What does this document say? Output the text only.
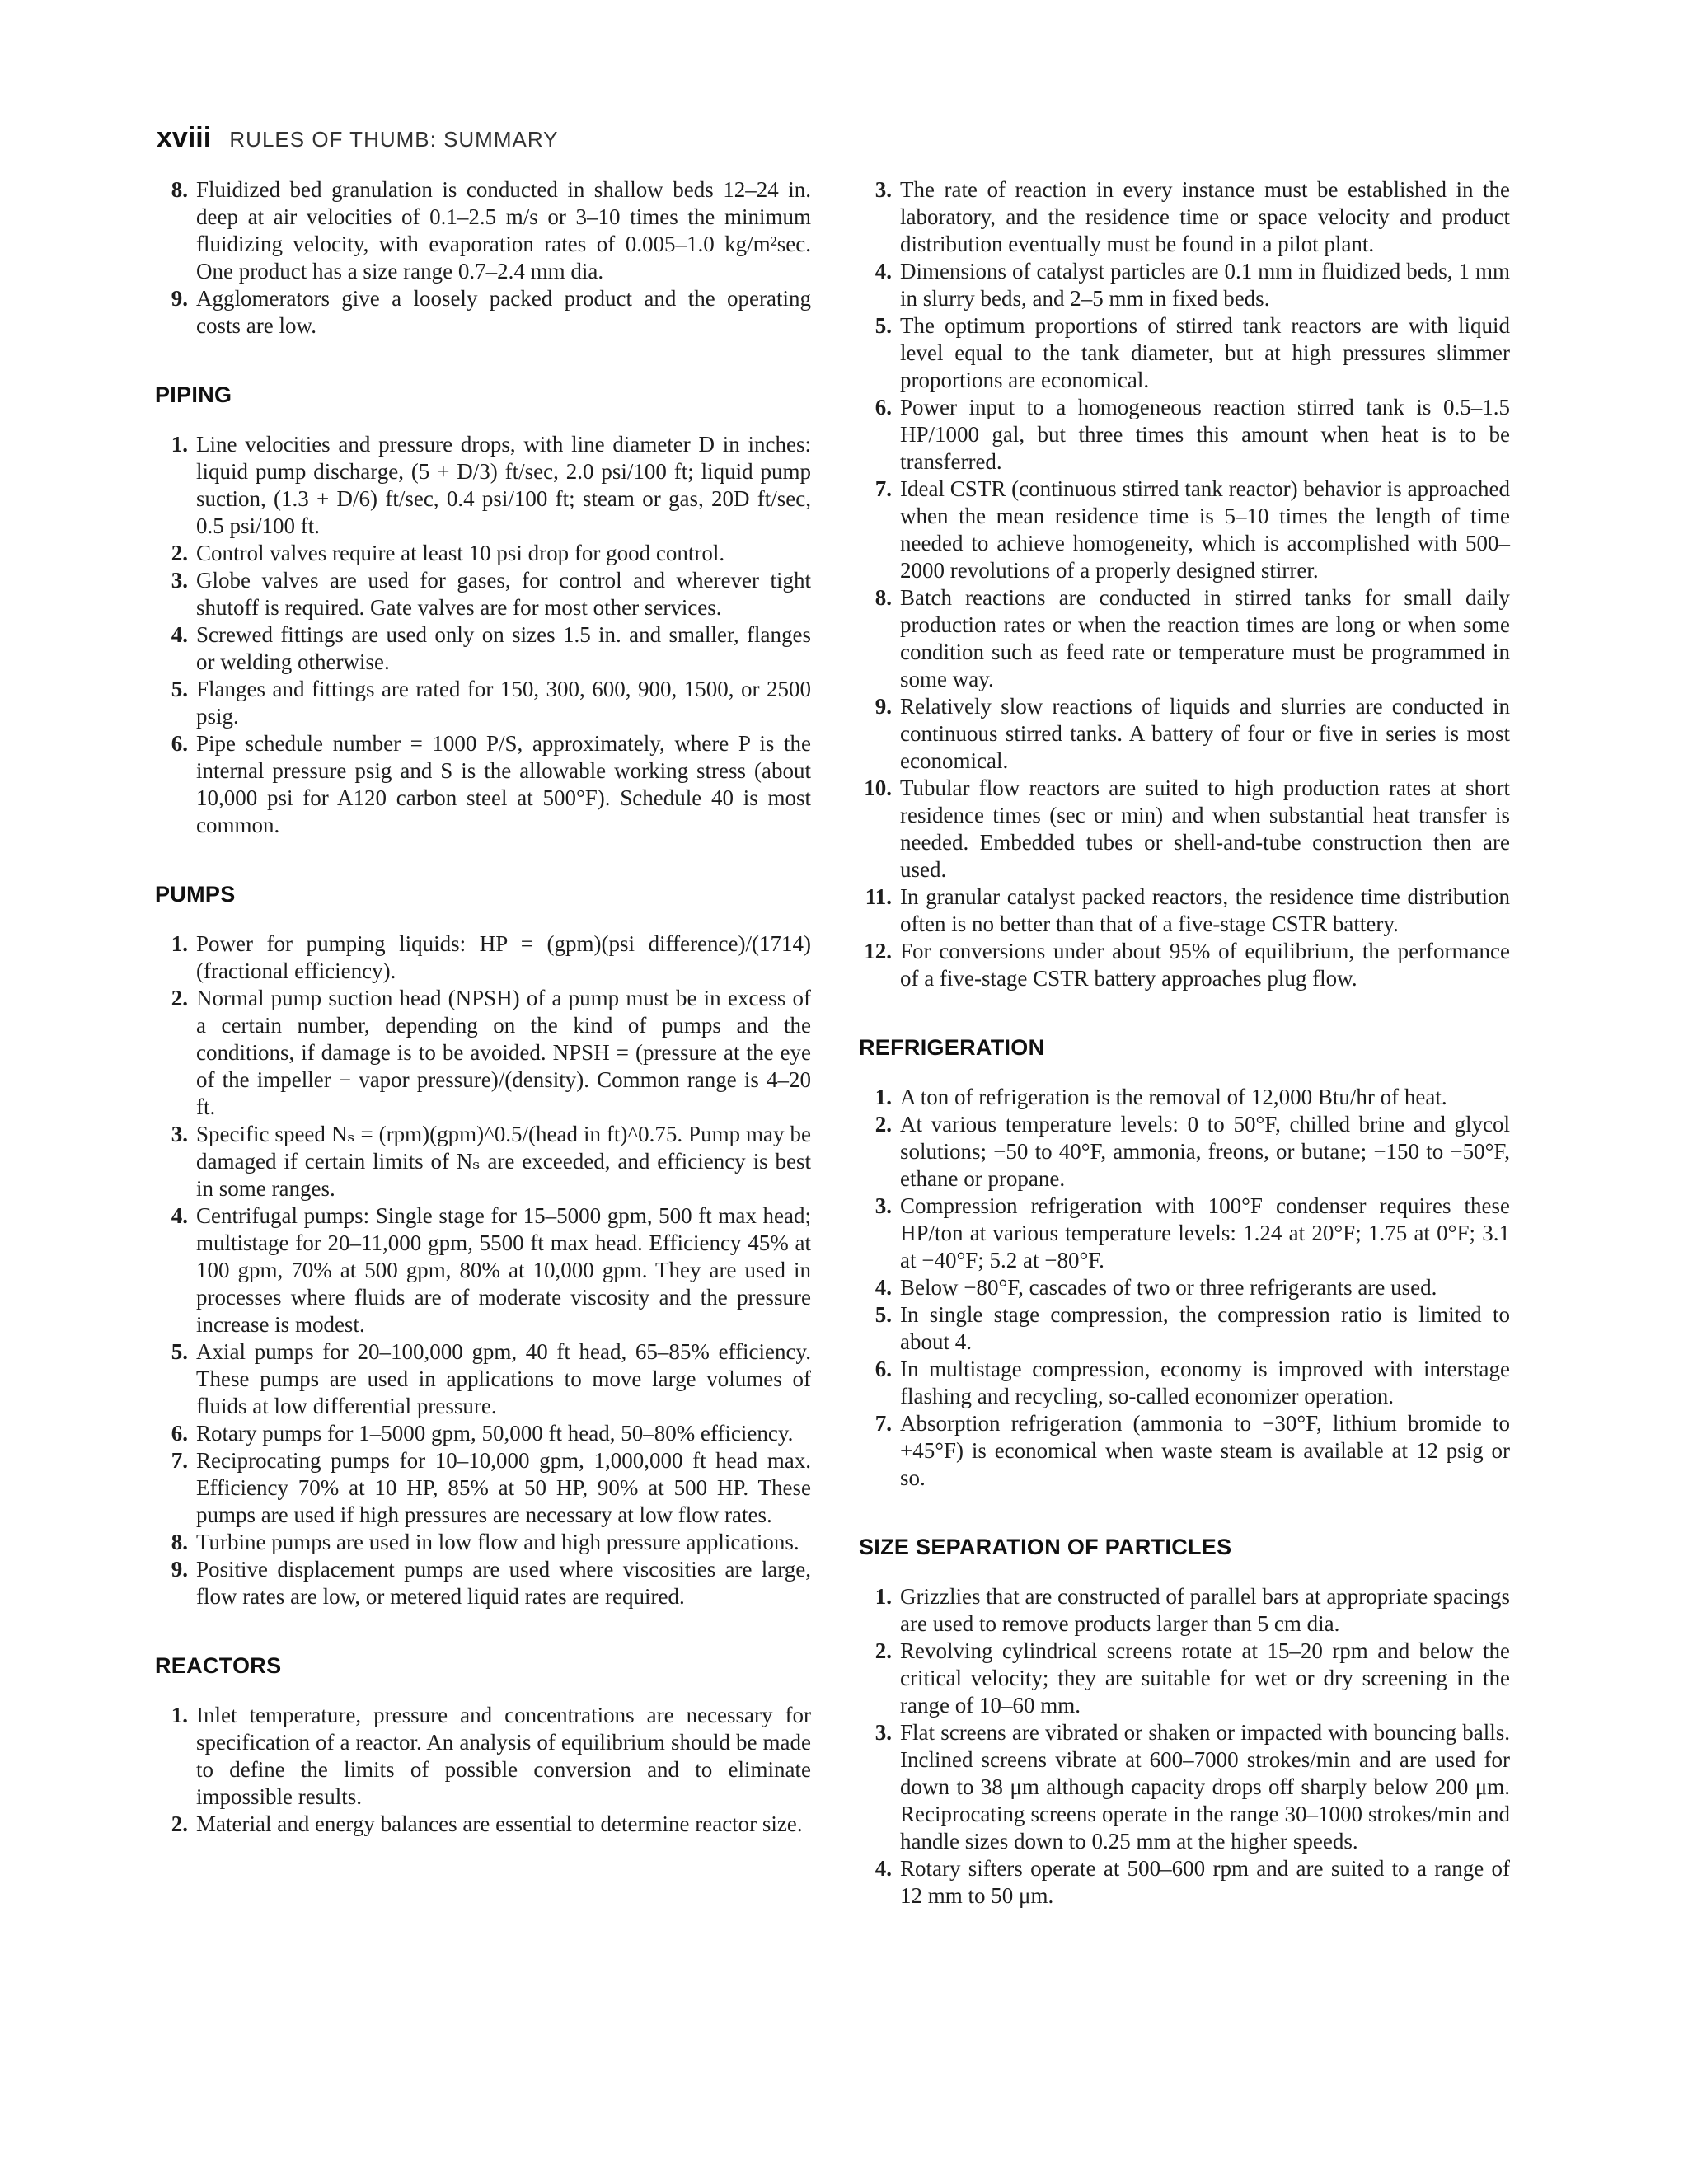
xviii RULES OF THUMB: SUMMARY
8. Fluidized bed granulation is conducted in shallow beds 12–24 in. deep at air velocities of 0.1–2.5 m/s or 3–10 times the minimum fluidizing velocity, with evaporation rates of 0.005–1.0 kg/m²sec. One product has a size range 0.7–2.4 mm dia.
9. Agglomerators give a loosely packed product and the operating costs are low.
PIPING
1. Line velocities and pressure drops, with line diameter D in inches: liquid pump discharge, (5 + D/3) ft/sec, 2.0 psi/100 ft; liquid pump suction, (1.3 + D/6) ft/sec, 0.4 psi/100 ft; steam or gas, 20D ft/sec, 0.5 psi/100 ft.
2. Control valves require at least 10 psi drop for good control.
3. Globe valves are used for gases, for control and wherever tight shutoff is required. Gate valves are for most other services.
4. Screwed fittings are used only on sizes 1.5 in. and smaller, flanges or welding otherwise.
5. Flanges and fittings are rated for 150, 300, 600, 900, 1500, or 2500 psig.
6. Pipe schedule number = 1000 P/S, approximately, where P is the internal pressure psig and S is the allowable working stress (about 10,000 psi for A120 carbon steel at 500°F). Schedule 40 is most common.
PUMPS
1. Power for pumping liquids: HP = (gpm)(psi difference)/(1714)(fractional efficiency).
2. Normal pump suction head (NPSH) of a pump must be in excess of a certain number, depending on the kind of pumps and the conditions, if damage is to be avoided. NPSH = (pressure at the eye of the impeller − vapor pressure)/(density). Common range is 4–20 ft.
3. Specific speed Nₛ = (rpm)(gpm)^0.5/(head in ft)^0.75. Pump may be damaged if certain limits of Nₛ are exceeded, and efficiency is best in some ranges.
4. Centrifugal pumps: Single stage for 15–5000 gpm, 500 ft max head; multistage for 20–11,000 gpm, 5500 ft max head. Efficiency 45% at 100 gpm, 70% at 500 gpm, 80% at 10,000 gpm. They are used in processes where fluids are of moderate viscosity and the pressure increase is modest.
5. Axial pumps for 20–100,000 gpm, 40 ft head, 65–85% efficiency. These pumps are used in applications to move large volumes of fluids at low differential pressure.
6. Rotary pumps for 1–5000 gpm, 50,000 ft head, 50–80% efficiency.
7. Reciprocating pumps for 10–10,000 gpm, 1,000,000 ft head max. Efficiency 70% at 10 HP, 85% at 50 HP, 90% at 500 HP. These pumps are used if high pressures are necessary at low flow rates.
8. Turbine pumps are used in low flow and high pressure applications.
9. Positive displacement pumps are used where viscosities are large, flow rates are low, or metered liquid rates are required.
REACTORS
1. Inlet temperature, pressure and concentrations are necessary for specification of a reactor. An analysis of equilibrium should be made to define the limits of possible conversion and to eliminate impossible results.
2. Material and energy balances are essential to determine reactor size.
3. The rate of reaction in every instance must be established in the laboratory, and the residence time or space velocity and product distribution eventually must be found in a pilot plant.
4. Dimensions of catalyst particles are 0.1 mm in fluidized beds, 1 mm in slurry beds, and 2–5 mm in fixed beds.
5. The optimum proportions of stirred tank reactors are with liquid level equal to the tank diameter, but at high pressures slimmer proportions are economical.
6. Power input to a homogeneous reaction stirred tank is 0.5–1.5 HP/1000 gal, but three times this amount when heat is to be transferred.
7. Ideal CSTR (continuous stirred tank reactor) behavior is approached when the mean residence time is 5–10 times the length of time needed to achieve homogeneity, which is accomplished with 500–2000 revolutions of a properly designed stirrer.
8. Batch reactions are conducted in stirred tanks for small daily production rates or when the reaction times are long or when some condition such as feed rate or temperature must be programmed in some way.
9. Relatively slow reactions of liquids and slurries are conducted in continuous stirred tanks. A battery of four or five in series is most economical.
10. Tubular flow reactors are suited to high production rates at short residence times (sec or min) and when substantial heat transfer is needed. Embedded tubes or shell-and-tube construction then are used.
11. In granular catalyst packed reactors, the residence time distribution often is no better than that of a five-stage CSTR battery.
12. For conversions under about 95% of equilibrium, the performance of a five-stage CSTR battery approaches plug flow.
REFRIGERATION
1. A ton of refrigeration is the removal of 12,000 Btu/hr of heat.
2. At various temperature levels: 0 to 50°F, chilled brine and glycol solutions; −50 to 40°F, ammonia, freons, or butane; −150 to −50°F, ethane or propane.
3. Compression refrigeration with 100°F condenser requires these HP/ton at various temperature levels: 1.24 at 20°F; 1.75 at 0°F; 3.1 at −40°F; 5.2 at −80°F.
4. Below −80°F, cascades of two or three refrigerants are used.
5. In single stage compression, the compression ratio is limited to about 4.
6. In multistage compression, economy is improved with interstage flashing and recycling, so-called economizer operation.
7. Absorption refrigeration (ammonia to −30°F, lithium bromide to +45°F) is economical when waste steam is available at 12 psig or so.
SIZE SEPARATION OF PARTICLES
1. Grizzlies that are constructed of parallel bars at appropriate spacings are used to remove products larger than 5 cm dia.
2. Revolving cylindrical screens rotate at 15–20 rpm and below the critical velocity; they are suitable for wet or dry screening in the range of 10–60 mm.
3. Flat screens are vibrated or shaken or impacted with bouncing balls. Inclined screens vibrate at 600–7000 strokes/min and are used for down to 38 μm although capacity drops off sharply below 200 μm. Reciprocating screens operate in the range 30–1000 strokes/min and handle sizes down to 0.25 mm at the higher speeds.
4. Rotary sifters operate at 500–600 rpm and are suited to a range of 12 mm to 50 μm.
